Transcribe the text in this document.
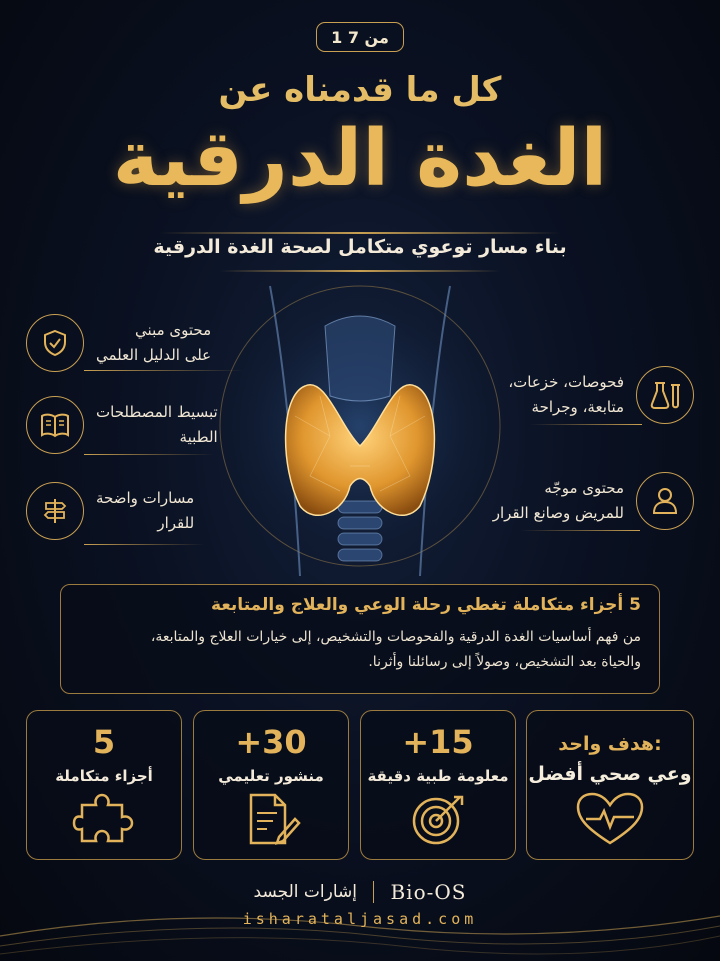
1 من 7
كل ما قدمناه عن
الغدة الدرقية
بناء مسار توعوي متكامل لصحة الغدة الدرقية
محتوى مبني
على الدليل العلمي
تبسيط المصطلحات
الطبية
مسارات واضحة
للقرار
فحوصات، خزعات،
متابعة، وجراحة
محتوى موجّه
للمريض وصانع القرار
5 أجزاء متكاملة تغطي رحلة الوعي والعلاج والمتابعة
من فهم أساسيات الغدة الدرقية والفحوصات والتشخيص، إلى خيارات العلاج والمتابعة،
والحياة بعد التشخيص، وصولاً إلى رسائلنا وأثرنا.
5
أجزاء متكاملة
+30
منشور تعليمي
+15
معلومة طبية دقيقة
هدف واحد:
وعي صحي أفضل
إشارات الجسد Bio-OS
isharataljasad.com
